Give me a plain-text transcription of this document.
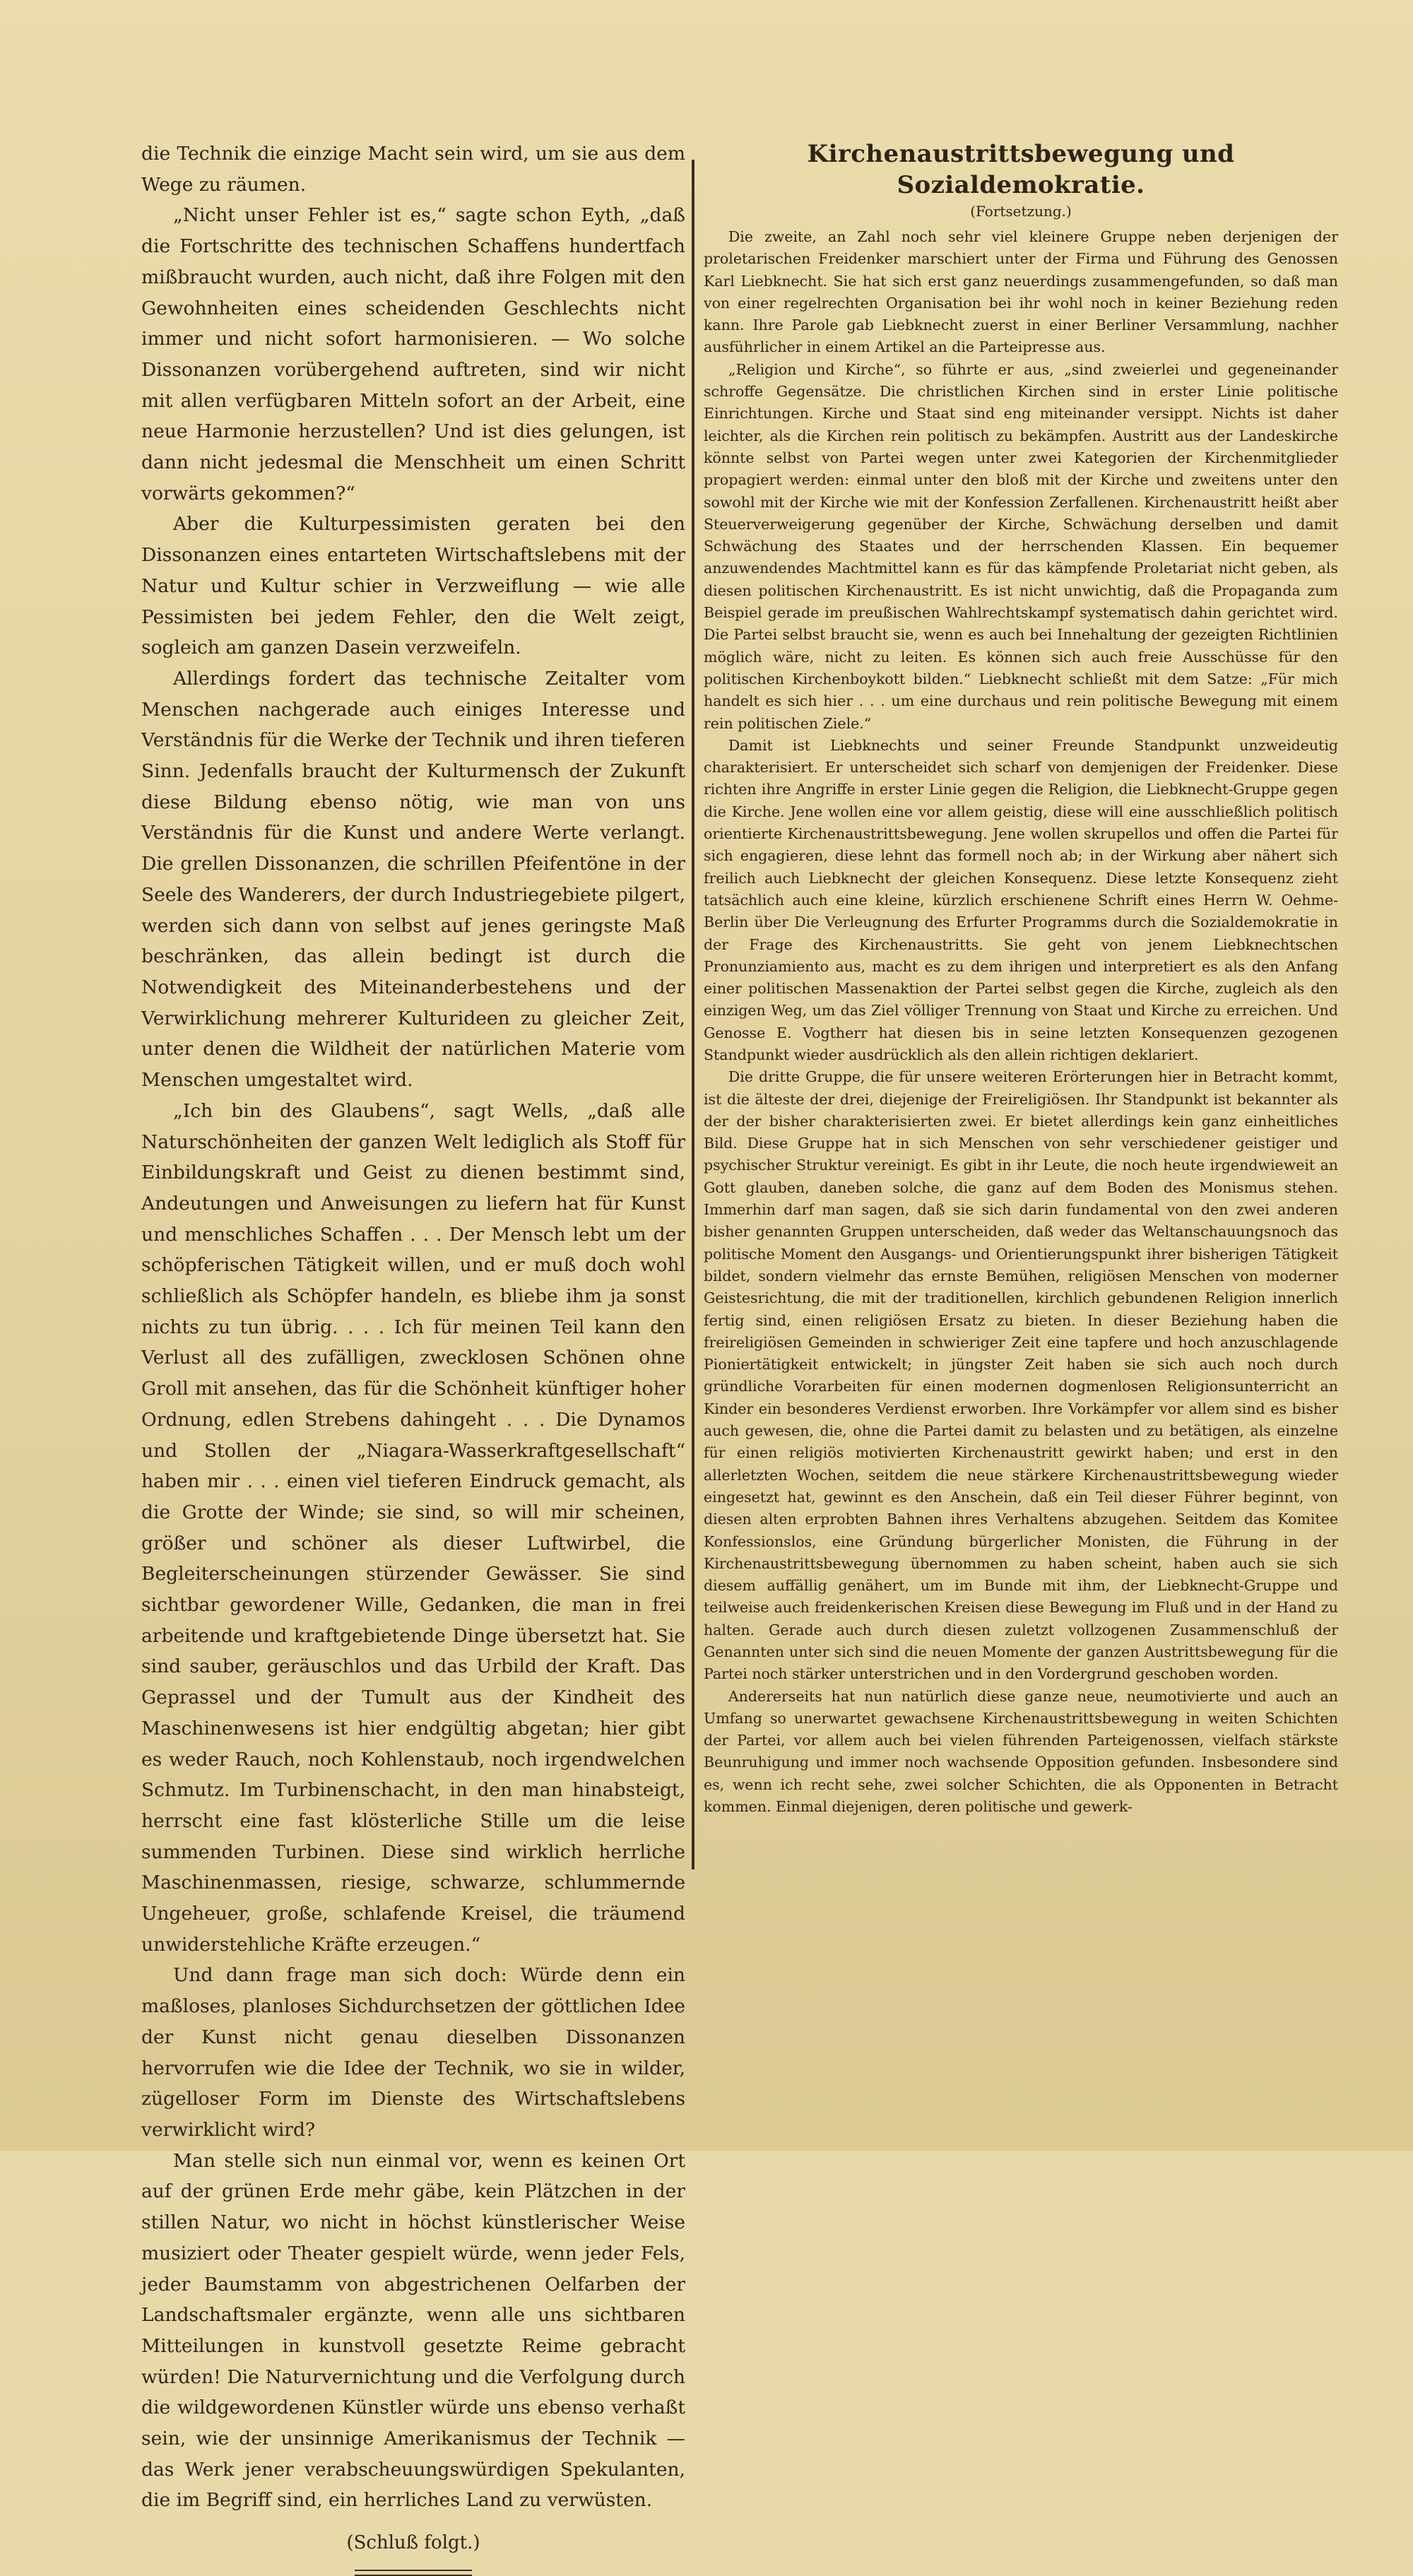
die Technik die einzige Macht sein wird, um sie aus dem Wege zu räumen.

„Nicht unser Fehler ist es,“ sagte schon Eyth, „daß die Fortschritte des technischen Schaffens hundertfach mißbraucht wurden, auch nicht, daß ihre Folgen mit den Gewohnheiten eines scheidenden Geschlechts nicht immer und nicht sofort harmonisieren. — Wo solche Dissonanzen vorübergehend auftreten, sind wir nicht mit allen verfügbaren Mitteln sofort an der Arbeit, eine neue Harmonie herzustellen? Und ist dies gelungen, ist dann nicht jedesmal die Menschheit um einen Schritt vorwärts gekommen?“

Aber die Kulturpessimisten geraten bei den Dissonanzen eines entarteten Wirtschaftslebens mit der Natur und Kultur schier in Verzweiflung — wie alle Pessimisten bei jedem Fehler, den die Welt zeigt, sogleich am ganzen Dasein verzweifeln.

Allerdings fordert das technische Zeitalter vom Menschen nachgerade auch einiges Interesse und Verständnis für die Werke der Technik und ihren tieferen Sinn. Jedenfalls braucht der Kulturmensch der Zukunft diese Bildung ebenso nötig, wie man von uns Verständnis für die Kunst und andere Werte verlangt. Die grellen Dissonanzen, die schrillen Pfeifentöne in der Seele des Wanderers, der durch Industriegebiete pilgert, werden sich dann von selbst auf jenes geringste Maß beschränken, das allein bedingt ist durch die Notwendigkeit des Miteinanderbestehens und der Verwirklichung mehrerer Kulturideen zu gleicher Zeit, unter denen die Wildheit der natürlichen Materie vom Menschen umgestaltet wird.

„Ich bin des Glaubens“, sagt Wells, „daß alle Naturschönheiten der ganzen Welt lediglich als Stoff für Einbildungskraft und Geist zu dienen bestimmt sind, Andeutungen und Anweisungen zu liefern hat für Kunst und menschliches Schaffen . . . Der Mensch lebt um der schöpferischen Tätigkeit willen, und er muß doch wohl schließlich als Schöpfer handeln, es bliebe ihm ja sonst nichts zu tun übrig. . . . Ich für meinen Teil kann den Verlust all des zufälligen, zwecklosen Schönen ohne Groll mit ansehen, das für die Schönheit künftiger hoher Ordnung, edlen Strebens dahingeht . . . Die Dynamos und Stollen der „Niagara-Wasserkraftgesellschaft“ haben mir . . . einen viel tieferen Eindruck gemacht, als die Grotte der Winde; sie sind, so will mir scheinen, größer und schöner als dieser Luftwirbel, die Begleiterscheinungen stürzender Gewässer. Sie sind sichtbar gewordener Wille, Gedanken, die man in frei arbeitende und kraftgebietende Dinge übersetzt hat. Sie sind sauber, geräuschlos und das Urbild der Kraft. Das Geprassel und der Tumult aus der Kindheit des Maschinenwesens ist hier endgültig abgetan; hier gibt es weder Rauch, noch Kohlenstaub, noch irgendwelchen Schmutz. Im Turbinenschacht, in den man hinabsteigt, herrscht eine fast klösterliche Stille um die leise summenden Turbinen. Diese sind wirklich herrliche Maschinenmassen, riesige, schwarze, schlummernde Ungeheuer, große, schlafende Kreisel, die träumend unwiderstehliche Kräfte erzeugen.“

Und dann frage man sich doch: Würde denn ein maßloses, planloses Sichdurchsetzen der göttlichen Idee der Kunst nicht genau dieselben Dissonanzen hervorrufen wie die Idee der Technik, wo sie in wilder, zügelloser Form im Dienste des Wirtschaftslebens verwirklicht wird?

Man stelle sich nun einmal vor, wenn es keinen Ort auf der grünen Erde mehr gäbe, kein Plätzchen in der stillen Natur, wo nicht in höchst künstlerischer Weise musiziert oder Theater gespielt würde, wenn jeder Fels, jeder Baumstamm von abgestrichenen Oelfarben der Landschaftsmaler ergänzte, wenn alle uns sichtbaren Mitteilungen in kunstvoll gesetzte Reime gebracht würden! Die Naturvernichtung und die Verfolgung durch die wildgewordenen Künstler würde uns ebenso verhaßt sein, wie der unsinnige Amerikanismus der Technik — das Werk jener verabscheuungswürdigen Spekulanten, die im Begriff sind, ein herrliches Land zu verwüsten.

(Schluß folgt.)
Kirchenaustrittsbewegung und Sozialdemokratie.
(Fortsetzung.)

Die zweite, an Zahl noch sehr viel kleinere Gruppe neben derjenigen der proletarischen Freidenker marschiert unter der Firma und Führung des Genossen Karl Liebknecht. Sie hat sich erst ganz neuerdings zusammengefunden, so daß man von einer regelrechten Organisation bei ihr wohl noch in keiner Beziehung reden kann. Ihre Parole gab Liebknecht zuerst in einer Berliner Versammlung, nachher ausführlicher in einem Artikel an die Parteipresse aus.

„Religion und Kirche“, so führte er aus, „sind zweierlei und gegeneinander schroffe Gegensätze. Die christlichen Kirchen sind in erster Linie politische Einrichtungen. Kirche und Staat sind eng miteinander versippt. Nichts ist daher leichter, als die Kirchen rein politisch zu bekämpfen. Austritt aus der Landeskirche könnte selbst von Partei wegen unter zwei Kategorien der Kirchenmitglieder propagiert werden: einmal unter den bloß mit der Kirche und zweitens unter den sowohl mit der Kirche wie mit der Konfession Zerfallenen. Kirchenaustritt heißt aber Steuerverweigerung gegenüber der Kirche, Schwächung derselben und damit Schwächung des Staates und der herrschenden Klassen. Ein bequemer anzuwendendes Machtmittel kann es für das kämpfende Proletariat nicht geben, als diesen politischen Kirchenaustritt. Es ist nicht unwichtig, daß die Propaganda zum Beispiel gerade im preußischen Wahlrechtskampf systematisch dahin gerichtet wird. Die Partei selbst braucht sie, wenn es auch bei Innehaltung der gezeigten Richtlinien möglich wäre, nicht zu leiten. Es können sich auch freie Ausschüsse für den politischen Kirchenboykott bilden.“ Liebknecht schließt mit dem Satze: „Für mich handelt es sich hier . . . um eine durchaus und rein politische Bewegung mit einem rein politischen Ziele.“

Damit ist Liebknechts und seiner Freunde Standpunkt unzweideutig charakterisiert. Er unterscheidet sich scharf von demjenigen der Freidenker. Diese richten ihre Angriffe in erster Linie gegen die Religion, die Liebknecht-Gruppe gegen die Kirche. Jene wollen eine vor allem geistig, diese will eine ausschließlich politisch orientierte Kirchenaustrittsbewegung. Jene wollen skrupellos und offen die Partei für sich engagieren, diese lehnt das formell noch ab; in der Wirkung aber nähert sich freilich auch Liebknecht der gleichen Konsequenz. Diese letzte Konsequenz zieht tatsächlich auch eine kleine, kürzlich erschienene Schrift eines Herrn W. Oehme-Berlin über Die Verleugnung des Erfurter Programms durch die Sozialdemokratie in der Frage des Kirchenaustritts. Sie geht von jenem Liebknechtschen Pronunziamiento aus, macht es zu dem ihrigen und interpretiert es als den Anfang einer politischen Massenaktion der Partei selbst gegen die Kirche, zugleich als den einzigen Weg, um das Ziel völliger Trennung von Staat und Kirche zu erreichen. Und Genosse E. Vogtherr hat diesen bis in seine letzten Konsequenzen gezogenen Standpunkt wieder ausdrücklich als den allein richtigen deklariert.

Die dritte Gruppe, die für unsere weiteren Erörterungen hier in Betracht kommt, ist die älteste der drei, diejenige der Freireligiösen. Ihr Standpunkt ist bekannter als der der bisher charakterisierten zwei. Er bietet allerdings kein ganz einheitliches Bild. Diese Gruppe hat in sich Menschen von sehr verschiedener geistiger und psychischer Struktur vereinigt. Es gibt in ihr Leute, die noch heute irgendwieweit an Gott glauben, daneben solche, die ganz auf dem Boden des Monismus stehen. Immerhin darf man sagen, daß sie sich darin fundamental von den zwei anderen bisher genannten Gruppen unterscheiden, daß weder das Weltanschauungsnoch das politische Moment den Ausgangs- und Orientierungspunkt ihrer bisherigen Tätigkeit bildet, sondern vielmehr das ernste Bemühen, religiösen Menschen von moderner Geistesrichtung, die mit der traditionellen, kirchlich gebundenen Religion innerlich fertig sind, einen religiösen Ersatz zu bieten. In dieser Beziehung haben die freireligiösen Gemeinden in schwieriger Zeit eine tapfere und hoch anzuschlagende Pioniertätigkeit entwickelt; in jüngster Zeit haben sie sich auch noch durch gründliche Vorarbeiten für einen modernen dogmenlosen Religionsunterricht an Kinder ein besonderes Verdienst erworben. Ihre Vorkämpfer vor allem sind es bisher auch gewesen, die, ohne die Partei damit zu belasten und zu betätigen, als einzelne für einen religiös motivierten Kirchenaustritt gewirkt haben; und erst in den allerletzten Wochen, seitdem die neue stärkere Kirchenaustrittsbewegung wieder eingesetzt hat, gewinnt es den Anschein, daß ein Teil dieser Führer beginnt, von diesen alten erprobten Bahnen ihres Verhaltens abzugehen. Seitdem das Komitee Konfessionslos, eine Gründung bürgerlicher Monisten, die Führung in der Kirchenaustrittsbewegung übernommen zu haben scheint, haben auch sie sich diesem auffällig genähert, um im Bunde mit ihm, der Liebknecht-Gruppe und teilweise auch freidenkerischen Kreisen diese Bewegung im Fluß und in der Hand zu halten. Gerade auch durch diesen zuletzt vollzogenen Zusammenschluß der Genannten unter sich sind die neuen Momente der ganzen Austrittsbewegung für die Partei noch stärker unterstrichen und in den Vordergrund geschoben worden.

Andererseits hat nun natürlich diese ganze neue, neumotivierte und auch an Umfang so unerwartet gewachsene Kirchenaustrittsbewegung in weiten Schichten der Partei, vor allem auch bei vielen führenden Parteigenossen, vielfach stärkste Beunruhigung und immer noch wachsende Opposition gefunden. Insbesondere sind es, wenn ich recht sehe, zwei solcher Schichten, die als Opponenten in Betracht kommen. Einmal diejenigen, deren politische und gewerk-
